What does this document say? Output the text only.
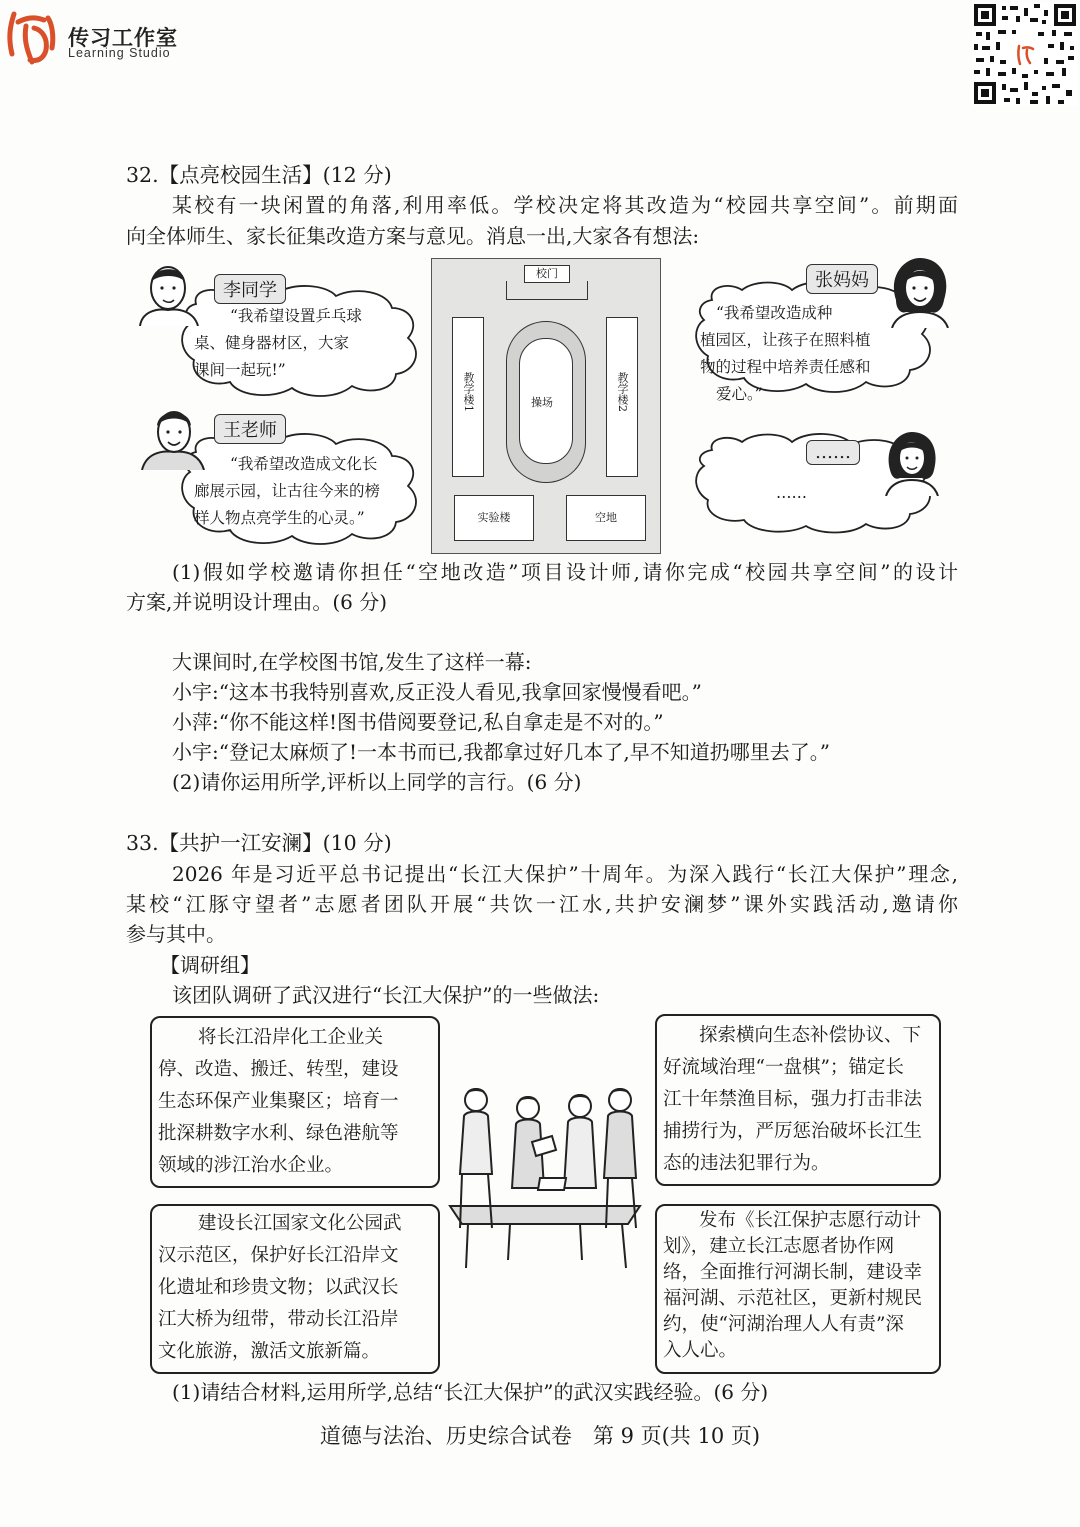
传习工作室
Learning Studio
32.【点亮校园生活】(12 分)
某校有一块闲置的角落,利用率低。学校决定将其改造为“校园共享空间”。前期面
向全体师生、家长征集改造方案与意见。消息一出,大家各有想法:
李同学
王老师
张妈妈
……
“我希望设置乒乓球
桌、健身器材区，大家
课间一起玩!”
“我希望改造成文化长
廊展示园，让古往今来的榜
样人物点亮学生的心灵。”
“我希望改造成种
植园区，让孩子在照料植
物的过程中培养责任感和
爱心。”
……
校门
教学楼1	教学楼2
操场
实验楼	空地
(1)假如学校邀请你担任“空地改造”项目设计师,请你完成“校园共享空间”的设计
方案,并说明设计理由。(6 分)
大课间时,在学校图书馆,发生了这样一幕:
小宇:“这本书我特别喜欢,反正没人看见,我拿回家慢慢看吧。”
小萍:“你不能这样!图书借阅要登记,私自拿走是不对的。”
小宇:“登记太麻烦了!一本书而已,我都拿过好几本了,早不知道扔哪里去了。”
(2)请你运用所学,评析以上同学的言行。(6 分)
33.【共护一江安澜】(10 分)
2026 年是习近平总书记提出“长江大保护”十周年。为深入践行“长江大保护”理念,
某校“江豚守望者”志愿者团队开展“共饮一江水,共护安澜梦”课外实践活动,邀请你
参与其中。
【调研组】
该团队调研了武汉进行“长江大保护”的一些做法:
将长江沿岸化工企业关
停、改造、搬迁、转型，建设
生态环保产业集聚区；培育一
批深耕数字水利、绿色港航等
领域的涉江治水企业。
探索横向生态补偿协议、下
好流域治理“一盘棋”；锚定长
江十年禁渔目标，强力打击非法
捕捞行为，严厉惩治破坏长江生
态的违法犯罪行为。
建设长江国家文化公园武
汉示范区，保护好长江沿岸文
化遗址和珍贵文物；以武汉长
江大桥为纽带，带动长江沿岸
文化旅游，激活文旅新篇。
发布《长江保护志愿行动计
划》，建立长江志愿者协作网
络，全面推行河湖长制，建设幸
福河湖、示范社区，更新村规民
约，使“河湖治理人人有责”深
入人心。
(1)请结合材料,运用所学,总结“长江大保护”的武汉实践经验。(6 分)
道德与法治、历史综合试卷　第 9 页(共 10 页)
